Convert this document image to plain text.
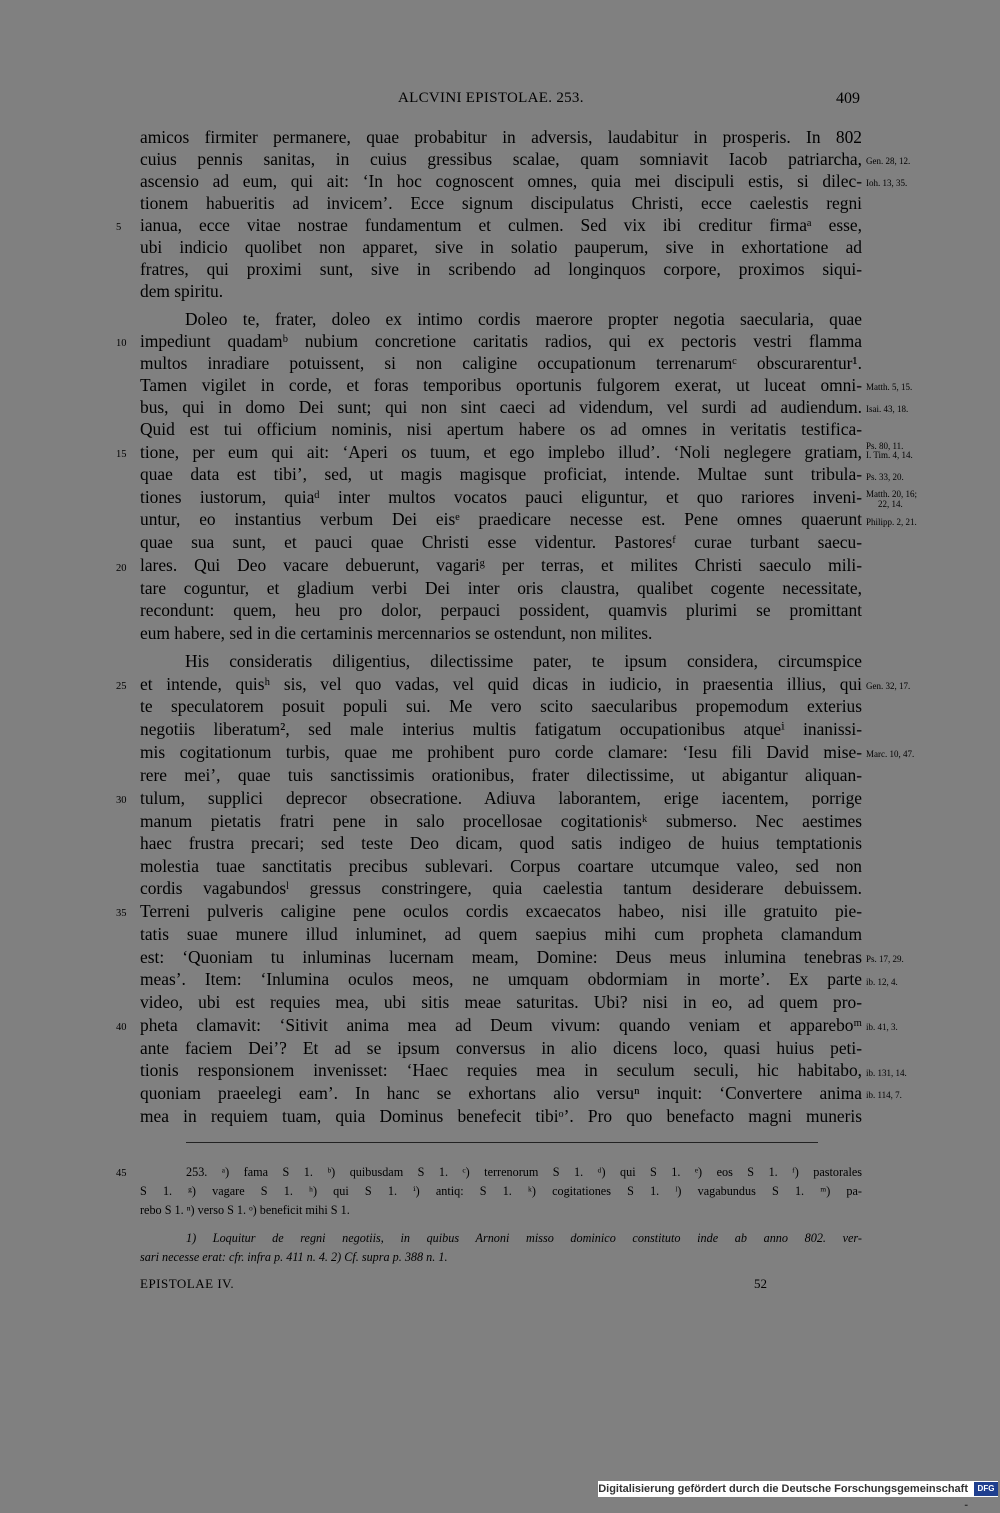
ALCVINI EPISTOLAE. 253.	409
amicos firmiter permanere, quae probabitur in adversis, laudabitur in prosperis. In 802
cuius pennis sanitas, in cuius gressibus scalae, quam somniavit Iacob patriarcha,
ascensio ad eum, qui ait: ‘In hoc cognoscent omnes, quia mei discipuli estis, si dilec-
tionem habueritis ad invicem’. Ecce signum discipulatus Christi, ecce caelestis regni
ianua, ecce vitae nostrae fundamentum et culmen. Sed vix ibi creditur firmaᵃ esse,
ubi indicio quolibet non apparet, sive in solatio pauperum, sive in exhortatione ad
fratres, qui proximi sunt, sive in scribendo ad longinquos corpore, proximos siqui-
dem spiritu.
Doleo te, frater, doleo ex intimo cordis maerore propter negotia saecularia, quae
impediunt quadamᵇ nubium concretione caritatis radios, qui ex pectoris vestri flamma
multos inradiare potuissent, si non caligine occupationum terrenarumᶜ obscurarentur¹.
Tamen vigilet in corde, et foras temporibus oportunis fulgorem exerat, ut luceat omni-
bus, qui in domo Dei sunt; qui non sint caeci ad videndum, vel surdi ad audiendum.
Quid est tui officium nominis, nisi apertum habere os ad omnes in veritatis testifica-
tione, per eum qui ait: ‘Aperi os tuum, et ego implebo illud’. ‘Noli neglegere gratiam,
quae data est tibi’, sed, ut magis magisque proficiat, intende. Multae sunt tribula-
tiones iustorum, quiaᵈ inter multos vocatos pauci eliguntur, et quo rariores inveni-
untur, eo instantius verbum Dei eisᵉ praedicare necesse est. Pene omnes quaerunt
quae sua sunt, et pauci quae Christi esse videntur. Pastoresᶠ curae turbant saecu-
lares. Qui Deo vacare debuerunt, vagariᵍ per terras, et milites Christi saeculo mili-
tare coguntur, et gladium verbi Dei inter oris claustra, qualibet cogente necessitate,
recondunt: quem, heu pro dolor, perpauci possident, quamvis plurimi se promittant
eum habere, sed in die certaminis mercennarios se ostendunt, non milites.
His consideratis diligentius, dilectissime pater, te ipsum considera, circumspice
et intende, quisʰ sis, vel quo vadas, vel quid dicas in iudicio, in praesentia illius, qui
te speculatorem posuit populi sui. Me vero scito saecularibus propemodum exterius
negotiis liberatum², sed male interius multis fatigatum occupationibus atqueⁱ inanissi-
mis cogitationum turbis, quae me prohibent puro corde clamare: ‘Iesu fili David mise-
rere mei’, quae tuis sanctissimis orationibus, frater dilectissime, ut abigantur aliquan-
tulum, supplici deprecor obsecratione. Adiuva laborantem, erige iacentem, porrige
manum pietatis fratri pene in salo procellosae cogitationisᵏ submerso. Nec aestimes
haec frustra precari; sed teste Deo dicam, quod satis indigeo de huius temptationis
molestia tuae sanctitatis precibus sublevari. Corpus coartare utcumque valeo, sed non
cordis vagabundosˡ gressus constringere, quia caelestia tantum desiderare debuissem.
Terreni pulveris caligine pene oculos cordis excaecatos habeo, nisi ille gratuito pie-
tatis suae munere illud inluminet, ad quem saepius mihi cum propheta clamandum
est: ‘Quoniam tu inluminas lucernam meam, Domine: Deus meus inlumina tenebras
meas’. Item: ‘Inlumina oculos meos, ne umquam obdormiam in morte’. Ex parte
video, ubi est requies mea, ubi sitis meae saturitas. Ubi? nisi in eo, ad quem pro-
pheta clamavit: ‘Sitivit anima mea ad Deum vivum: quando veniam et appareboᵐ
ante faciem Dei’? Et ad se ipsum conversus in alio dicens loco, quasi huius peti-
tionis responsionem invenisset: ‘Haec requies mea in seculum seculi, hic habitabo,
quoniam praeelegi eam’. In hanc se exhortans alio versuⁿ inquit: ‘Convertere anima
mea in requiem tuam, quia Dominus benefecit tibiᵒ’. Pro quo benefacto magni muneris
5
10
15
20
25
30
35
40
Gen. 28, 12.
Ioh. 13, 35.
Matth. 5, 15.
Isai. 43, 18.
Ps. 80, 11.
I. Tim. 4, 14.
Ps. 33, 20.
Matth. 20, 16;
22, 14.
Philipp. 2, 21.
Gen. 32, 17.
Marc. 10, 47.
Ps. 17, 29.
ib. 12, 4.
ib. 41, 3.
ib. 131, 14.
ib. 114, 7.
45	253. ᵃ) fama S 1. ᵇ) quibusdam S 1. ᶜ) terrenorum S 1. ᵈ) qui S 1. ᵉ) eos S 1. ᶠ) pastorales
S 1. ᵍ) vagare S 1. ʰ) qui S 1. ⁱ) antiq: S 1. ᵏ) cogitationes S 1. ˡ) vagabundus S 1. ᵐ) pa-
rebo S 1. ⁿ) verso S 1. ᵒ) beneficit mihi S 1.
1) Loquitur de regni negotiis, in quibus Arnoni misso dominico constituto inde ab anno 802. ver-
sari necesse erat: cfr. infra p. 411 n. 4. 2) Cf. supra p. 388 n. 1.
EPISTOLAE IV.	52
Digitalisierung gefördert durch die Deutsche Forschungsgemeinschaft -
DFG
